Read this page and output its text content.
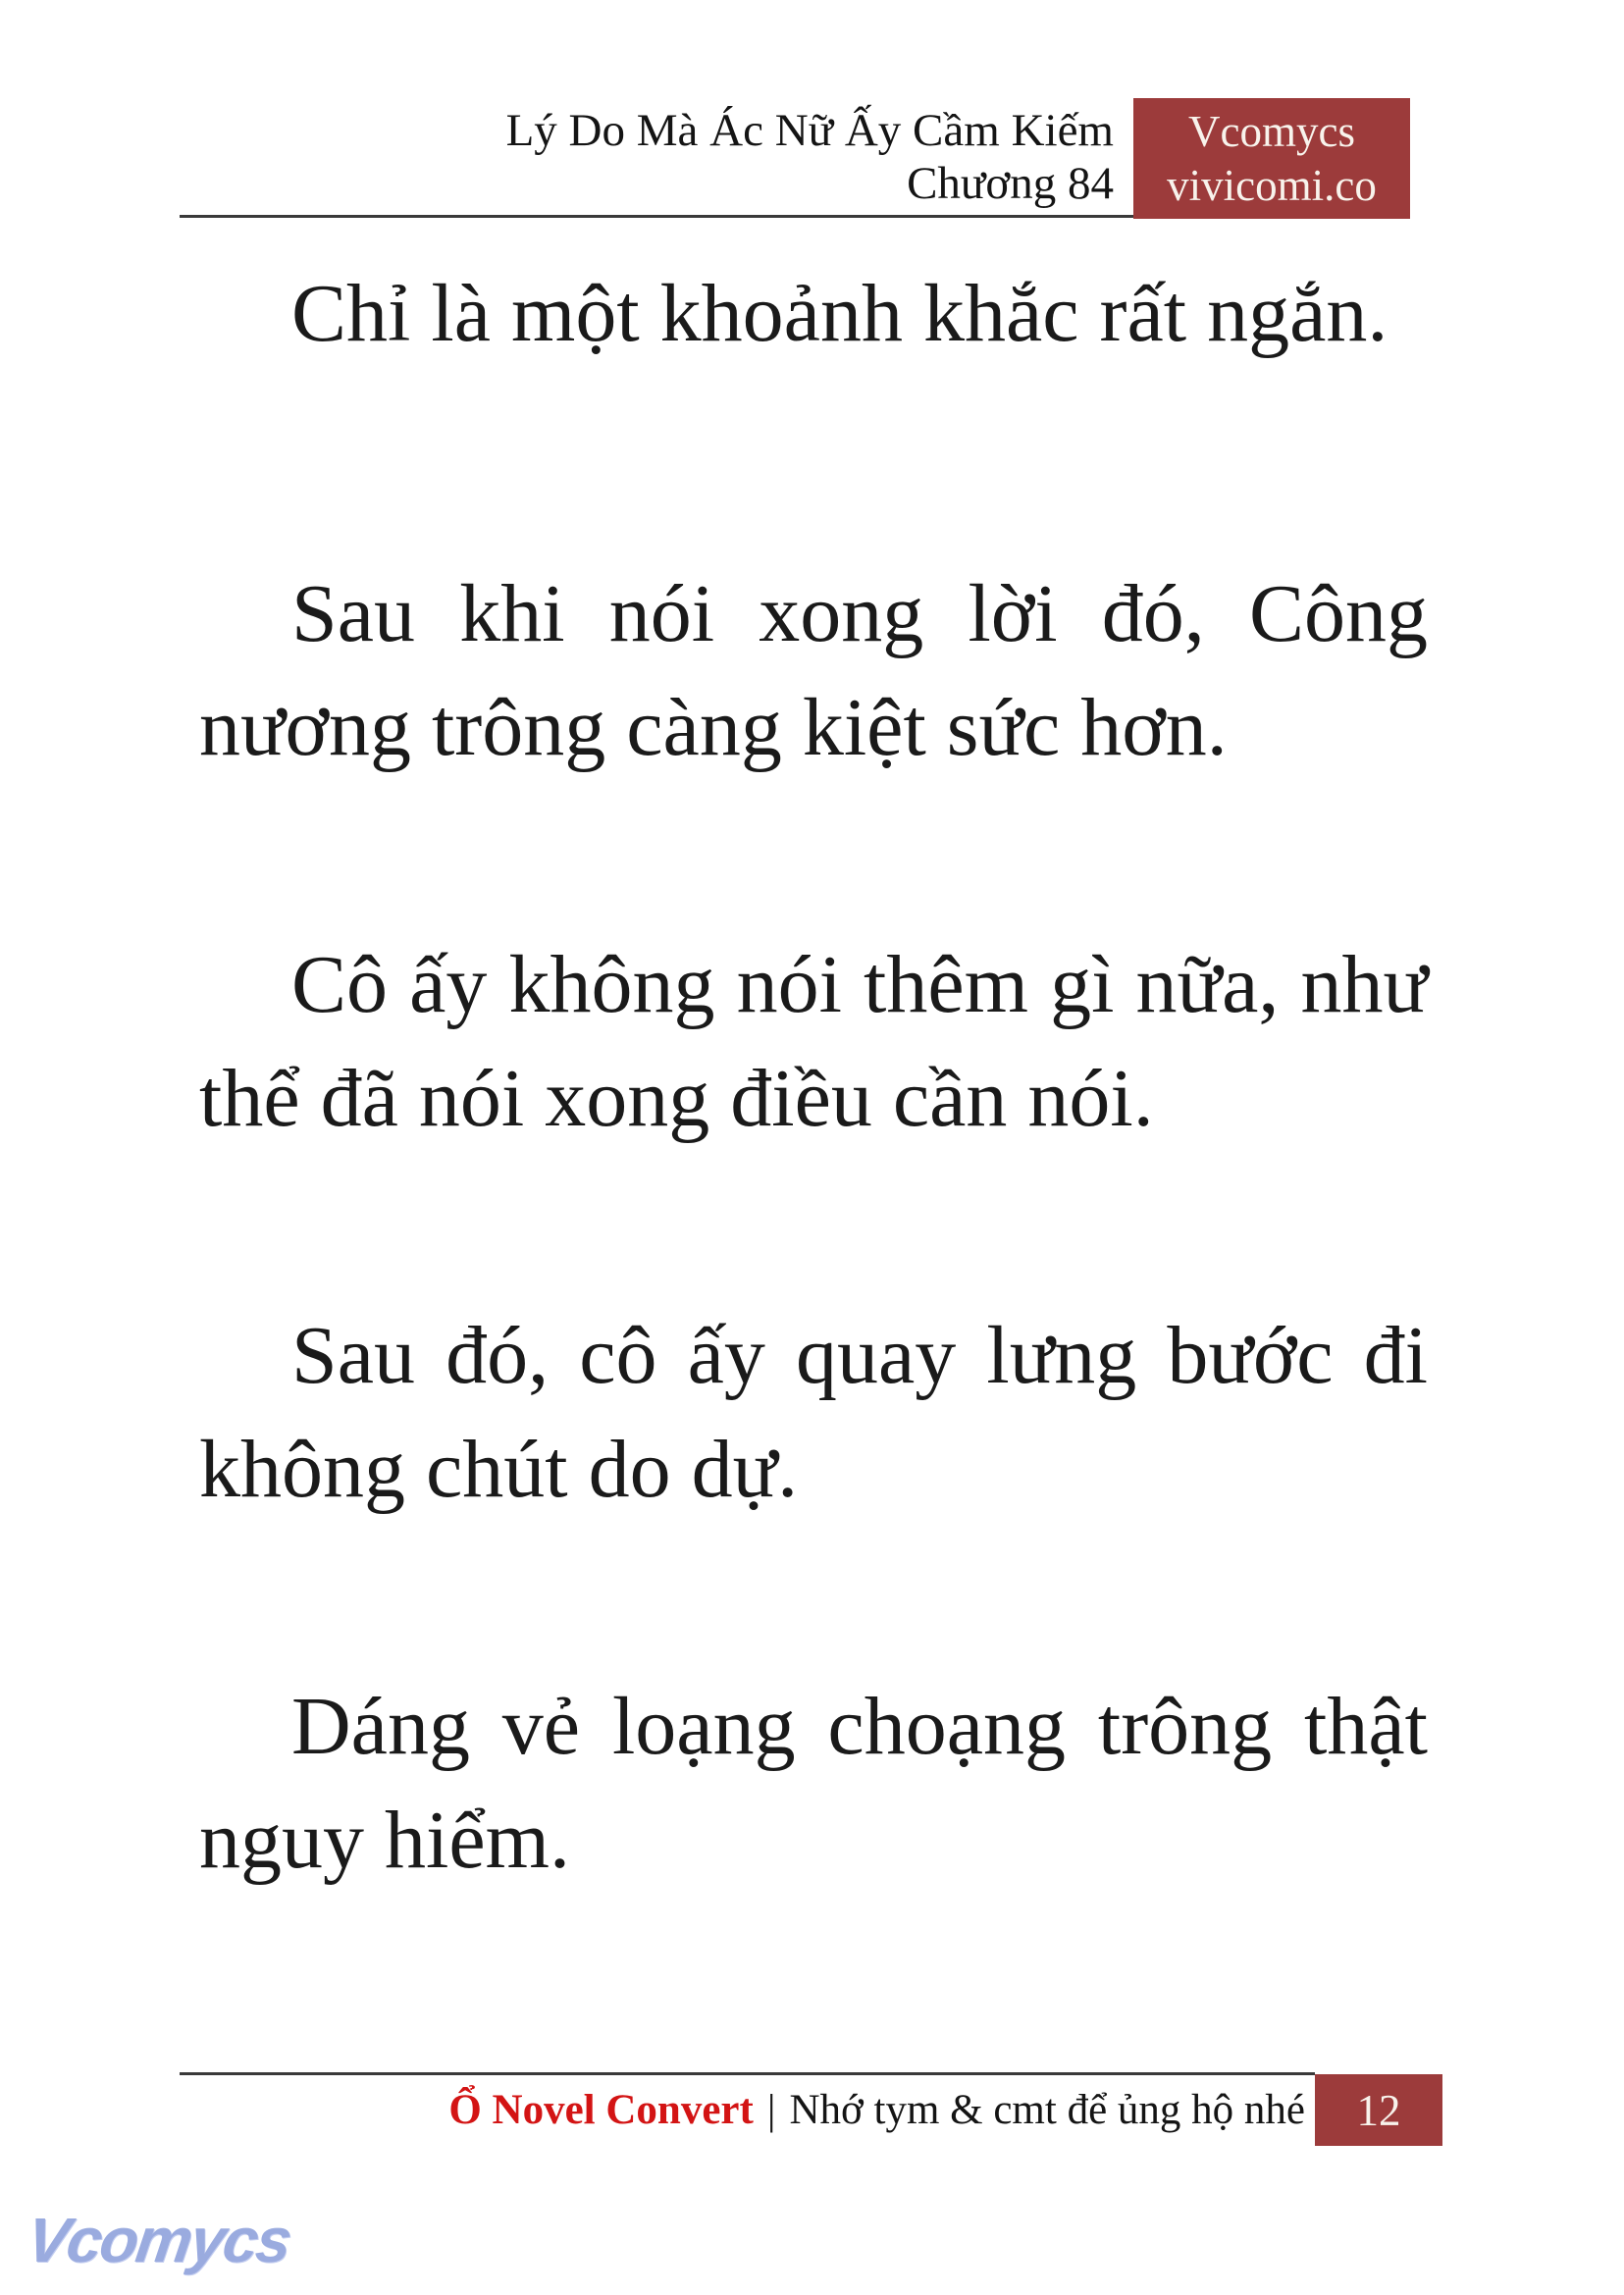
Lý Do Mà Ác Nữ Ấy Cầm Kiếm
Chương 84
Vcomycs
vivicomi.co

Chỉ là một khoảnh khắc rất ngắn.

Sau khi nói xong lời đó, Công
nương trông càng kiệt sức hơn.

Cô ấy không nói thêm gì nữa, như
thể đã nói xong điều cần nói.

Sau đó, cô ấy quay lưng bước đi
không chút do dự.

Dáng vẻ loạng choạng trông thật
nguy hiểm.

Ổ Novel Convert | Nhớ tym & cmt để ủng hộ nhé 12
Vcomycs
